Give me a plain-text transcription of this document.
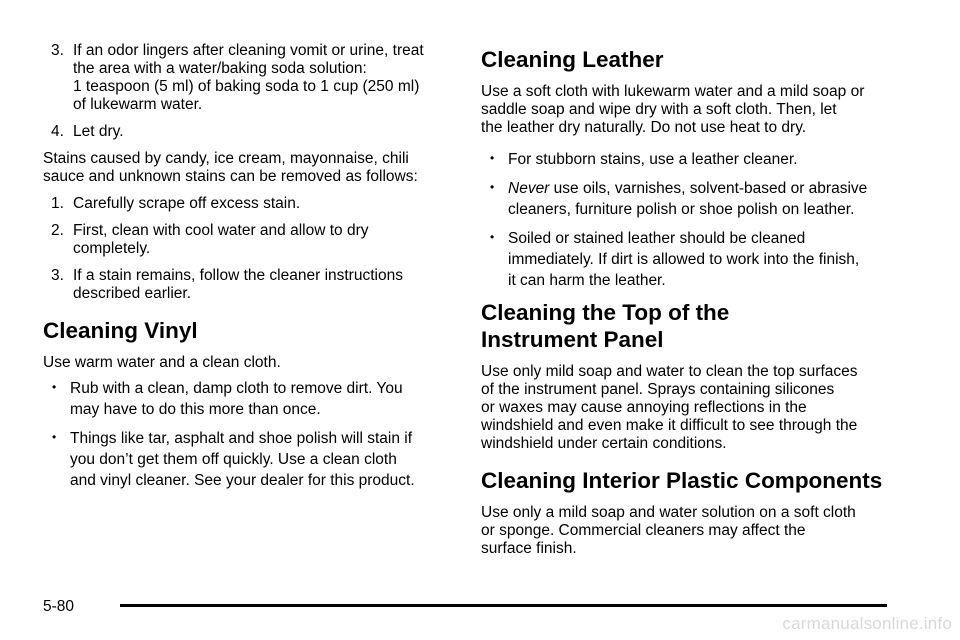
3. If an odor lingers after cleaning vomit or urine, treat
the area with a water/baking soda solution:
1 teaspoon (5 ml) of baking soda to 1 cup (250 ml)
of lukewarm water.
4. Let dry.

Stains caused by candy, ice cream, mayonnaise, chili
sauce and unknown stains can be removed as follows:

1. Carefully scrape off excess stain.
2. First, clean with cool water and allow to dry
completely.
3. If a stain remains, follow the cleaner instructions
described earlier.
Cleaning Vinyl

Use warm water and a clean cloth.

• Rub with a clean, damp cloth to remove dirt. You
may have to do this more than once.
• Things like tar, asphalt and shoe polish will stain if
you don’t get them off quickly. Use a clean cloth
and vinyl cleaner. See your dealer for this product.
Cleaning Leather

Use a soft cloth with lukewarm water and a mild soap or
saddle soap and wipe dry with a soft cloth. Then, let
the leather dry naturally. Do not use heat to dry.

• For stubborn stains, use a leather cleaner.
• Never use oils, varnishes, solvent-based or abrasive
cleaners, furniture polish or shoe polish on leather.
• Soiled or stained leather should be cleaned
immediately. If dirt is allowed to work into the finish,
it can harm the leather.
Cleaning the Top of the
Instrument Panel

Use only mild soap and water to clean the top surfaces
of the instrument panel. Sprays containing silicones
or waxes may cause annoying reflections in the
windshield and even make it difficult to see through the
windshield under certain conditions.

Cleaning Interior Plastic Components

Use only a mild soap and water solution on a soft cloth
or sponge. Commercial cleaners may affect the
surface finish.

5-80
carmanualsonline.info
